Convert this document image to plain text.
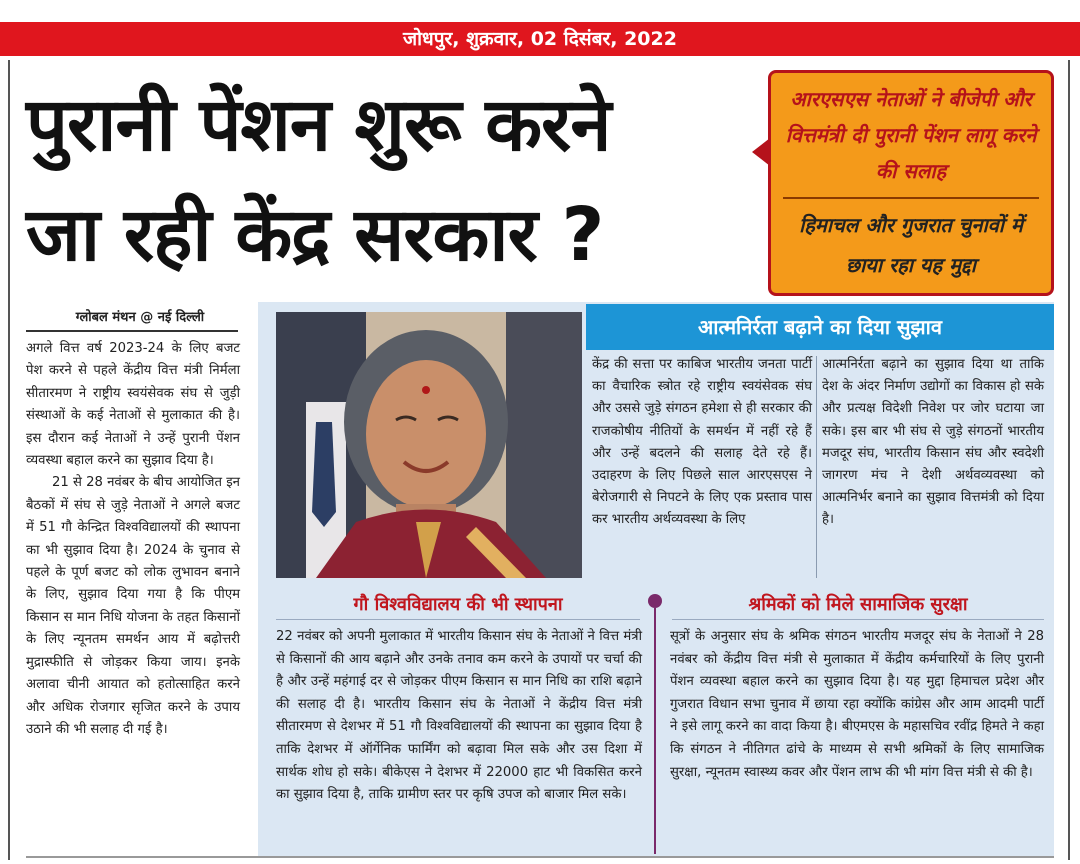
जोधपुर, शुक्रवार, 02 दिसंबर, 2022
पुरानी पेंशन शुरू करने
जा रही केंद्र सरकार ?
आरएसएस नेताओं ने बीजेपी और वित्तमंत्री दी पुरानी पेंशन लागू करने की सलाह
हिमाचल और गुजरात चुनावों में छाया रहा यह मुद्दा
ग्लोबल मंथन @ नई दिल्ली

अगले वित्त वर्ष 2023-24 के लिए बजट पेश करने से पहले केंद्रीय वित्त मंत्री निर्मला सीतारमण ने राष्ट्रीय स्वयंसेवक संघ से जुड़ी संस्थाओं के कई नेताओं से मुलाकात की है। इस दौरान कई नेताओं ने उन्हें पुरानी पेंशन व्यवस्था बहाल करने का सुझाव दिया है।

21 से 28 नवंबर के बीच आयोजित इन बैठकों में संघ से जुड़े नेताओं ने अगले बजट में 51 गौ केन्द्रित विश्वविद्यालयों की स्थापना का भी सुझाव दिया है। 2024 के चुनाव से पहले के पूर्ण बजट को लोक लुभावन बनाने के लिए, सुझाव दिया गया है कि पीएम किसान स मान निधि योजना के तहत किसानों के लिए न्यूनतम समर्थन आय में बढ़ोत्तरी मुद्रास्फीति से जोड़कर किया जाय। इनके अलावा चीनी आयात को हतोत्साहित करने और अधिक रोजगार सृजित करने के उपाय उठाने की भी सलाह दी गई है।

आत्मनिर्रता बढ़ाने का दिया सुझाव
केंद्र की सत्ता पर काबिज भारतीय जनता पार्टी का वैचारिक स्त्रोत रहे राष्ट्रीय स्वयंसेवक संघ और उससे जुड़े संगठन हमेशा से ही सरकार की राजकोषीय नीतियों के समर्थन में नहीं रहे हैं और उन्हें बदलने की सलाह देते रहे हैं। उदाहरण के लिए पिछले साल आरएसएस ने बेरोजगारी से निपटने के लिए एक प्रस्ताव पास कर भारतीय अर्थव्यवस्था के लिए
आत्मनिर्रता बढ़ाने का सुझाव दिया था ताकि देश के अंदर निर्माण उद्योगों का विकास हो सके और प्रत्यक्ष विदेशी निवेश पर जोर घटाया जा सके। इस बार भी संघ से जुड़े संगठनों भारतीय मजदूर संघ, भारतीय किसान संघ और स्वदेशी जागरण मंच ने देशी अर्थवव्यवस्था को आत्मनिर्भर बनाने का सुझाव वित्तमंत्री को दिया है।
गौ विश्वविद्यालय की भी स्थापना	श्रमिकों को मिले सामाजिक सुरक्षा
22 नवंबर को अपनी मुलाकात में भारतीय किसान संघ के नेताओं ने वित्त मंत्री से किसानों की आय बढ़ाने और उनके तनाव कम करने के उपायों पर चर्चा की है और उन्हें महंगाई दर से जोड़कर पीएम किसान स मान निधि का राशि बढ़ाने की सलाह दी है। भारतीय किसान संघ के नेताओं ने केंद्रीय वित्त मंत्री सीतारमण से देशभर में 51 गौ विश्वविद्यालयों की स्थापना का सुझाव दिया है ताकि देशभर में ऑर्गेनिक फार्मिंग को बढ़ावा मिल सके और उस दिशा में सार्थक शोध हो सके। बीकेएस ने देशभर में 22000 हाट भी विकसित करने का सुझाव दिया है, ताकि ग्रामीण स्तर पर कृषि उपज को बाजार मिल सके।
सूत्रों के अनुसार संघ के श्रमिक संगठन भारतीय मजदूर संघ के नेताओं ने 28 नवंबर को केंद्रीय वित्त मंत्री से मुलाकात में केंद्रीय कर्मचारियों के लिए पुरानी पेंशन व्यवस्था बहाल करने का सुझाव दिया है। यह मुद्दा हिमाचल प्रदेश और गुजरात विधान सभा चुनाव में छाया रहा क्योंकि कांग्रेस और आम आदमी पार्टी ने इसे लागू करने का वादा किया है। बीएमएस के महासचिव रवींद्र हिमते ने कहा कि संगठन ने नीतिगत ढांचे के माध्यम से सभी श्रमिकों के लिए सामाजिक सुरक्षा, न्यूनतम स्वास्थ्य कवर और पेंशन लाभ की भी मांग वित्त मंत्री से की है।
